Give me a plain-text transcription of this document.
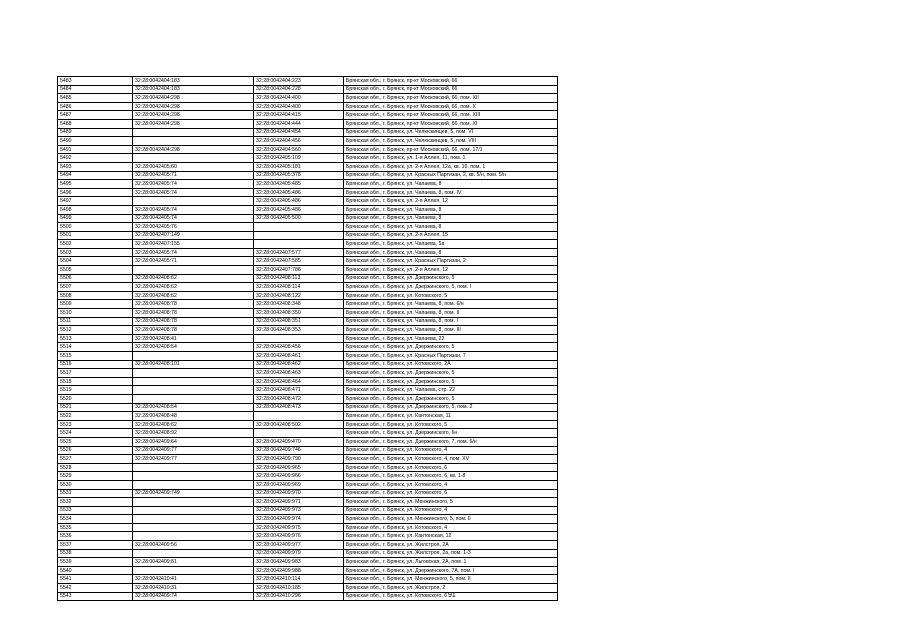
5483	32:28:0042404:183	32:28:0042404:223	Брянская обл., г. Брянск, пр-кт Московский, 66
5484	32:28:0042404:183	32:28:0042404:228	Брянская обл., г. Брянск, пр-кт Московский, 66
5485	32:28:0042404:298	32:28:0042404:400	Брянская обл., г. Брянск, пр-кт Московский, 66, пом. XII
5486	32:28:0042404:298	32:28:0042404:400	Брянская обл., г. Брянск, пр-кт Московский, 66, пом. X
5487	32:28:0042404:298	32:28:0042404:415	Брянская обл., г. Брянск, пр-кт Московский, 66, пом. XIII
5488	32:28:0042404:298	32:28:0042404:444	Брянская обл., г. Брянск, пр-кт Московский, 66, пом. XI
5489		32:28:0042404:454	Брянская обл., г. Брянск, ул. Челюскинцев, 5, пом. VI
5490		32:28:0042404:456	Брянская обл., г. Брянск, ул. Челюскинцев, 5, пом. VIII
5491	32:28:0042404:298	32:28:0042404:560	Брянская обл., г. Брянск, пр-кт Московский, 66, пом. 17/1
5492		32:28:0042405:109	Брянская обл., г. Брянск, ул. 1-я Аллея, 11, пом. 1
5493	32:28:0042405:60	32:28:0042405:181	Брянская обл., г. Брянск, ул. 2-я Аллея, 12а, кв. 16, пом. 1
5494	32:28:0042405:71	32:28:0042405:378	Брянская обл., г. Брянск, ул. Красных Партизан, 2, кв. 5/н, пом. 5/н
5495	32:28:0042405:74	32:28:0042405:485	Брянская обл., г. Брянск, ул. Чапаева, 8
5496	32:28:0042405:74	32:28:0042405:486	Брянская обл., г. Брянск, ул. Чапаева, 8, пом. IV
5497		32:28:0042405:486	Брянская обл., г. Брянск, ул. 2-я Аллея, 12
5498	32:28:0042405:74	32:28:0042405:486	Брянская обл., г. Брянск, ул. Чапаева, 8
5499	32:28:0042405:74	32:28:0042405:500	Брянская обл., г. Брянск, ул. Чапаева, 8
5500	32:28:0042405:76		Брянская обл., г. Брянск, ул. Чапаева, 8
5501	32:28:0042407:149		Брянская обл., г. Брянск, ул. 2-я Аллея, 15
5502	32:28:0042407:155		Брянская обл., г. Брянск, ул. Чапаева, 5а
5503	32:28:0042405:74	32:28:0042407:577	Брянская обл., г. Брянск, ул. Чапаева, 8
5504	32:28:0042405:71	32:28:0042407:585	Брянская обл., г. Брянск, ул. Красных Партизан, 2
5505		32:28:0042407:786	Брянская обл., г. Брянск, ул. 2-я Аллея, 12
5506	32:28:0042408:62	32:28:0042408:113	Брянская обл., г. Брянск, ул. Дзержинского, 5
5507	32:28:0042408:62	32:28:0042408:114	Брянская обл., г. Брянск, ул. Дзержинского, 5, пом. I
5508	32:28:0042408:62	32:28:0042408:122	Брянская обл., г. Брянск, ул. Котовского, 5
5509	32:28:0042408:78	32:28:0042408:348	Брянская обл., г. Брянск, ул. Чапаева, 8, пом. 6/н
5510	32:28:0042408:78	32:28:0042408:350	Брянская обл., г. Брянск, ул. Чапаева, 8, пом. II
5511	32:28:0042408:78	32:28:0042408:351	Брянская обл., г. Брянск, ул. Чапаева, 8, пом. I
5512	32:28:0042408:78	32:28:0042408:353	Брянская обл., г. Брянск, ул. Чапаева, 8, пом. III
5513	32:28:0042408:41		Брянская обл., г. Брянск, ул. Чапаева, 22
5514	32:28:0042408:54	32:28:0042408:456	Брянская обл., г. Брянск, ул. Дзержинского, 5
5515		32:28:0042408:461	Брянская обл., г. Брянск, ул. Красных Партизан, 7
5516	32:28:0042408:101	32:28:0042408:462	Брянская обл., г. Брянск, ул. Котовского, 2А
5517		32:28:0042408:463	Брянская обл., г. Брянск, ул. Дзержинского, 5
5518		32:28:0042408:464	Брянская обл., г. Брянск, ул. Дзержинского, 5
5519		32:28:0042408:471	Брянская обл., г. Брянск, ул. Чапаева, стр. 22
5520		32:28:0042408:472	Брянская обл., г. Брянск, ул. Дзержинского, 5
5521	32:28:0042408:54	32:28:0042408:473	Брянская обл., г. Брянск, ул. Дзержинского, 5, пом. 2
5522	32:28:0042408:48		Брянская обл., г. Брянск, ул. Кантонская, 11
5523	32:28:0042408:62	32:28:0042408:502	Брянская обл., г. Брянск, ул. Котовского, 5
5524	32:28:0042408:92		Брянская обл., г. Брянск, ул. Дзержинского, 6н
5525	32:28:0042409:64	32:28:0042409:470	Брянская обл., г. Брянск, ул. Дзержинского, 7, пом. 6/н
5526	32:28:0042409:77	32:28:0042409:746	Брянская обл., г. Брянск, ул. Котовского, 4
5527	32:28:0042409:77	32:28:0042409:790	Брянская обл., г. Брянск, ул. Котовского, 4, пом. XV
5528		32:28:0042409:965	Брянская обл., г. Брянск, ул. Котовского, 6
5529		32:28:0042409:966	Брянская обл., г. Брянск, ул. Котовского, 6, кв. 1-8
5530		32:28:0042409:969	Брянская обл., г. Брянск, ул. Котовского, 4
5531	32:28:0042409:749	32:28:0042409:970	Брянская обл., г. Брянск, ул. Котовского, 6
5532		32:28:0042409:971	Брянская обл., г. Брянск, ул. Менжинского, 5
5533		32:28:0042409:973	Брянская обл., г. Брянск, ул. Котовского, 4
5534		32:28:0042409:974	Брянская обл., г. Брянск, ул. Менжинского, 5, пом. II
5535		32:28:0042409:975	Брянская обл., г. Брянск, ул. Котовского, 4
5536		32:28:0042409:976	Брянская обл., г. Брянск, ул. Кантонская, 12
5537	32:28:0042409:56	32:28:0042409:977	Брянская обл., г. Брянск, ул. Жилстроя, 2А
5538		32:28:0042409:979	Брянская обл., г. Брянск, ул. Жилстроя, 2а, пом. 1-3
5539	32:28:0042409:81	32:28:0042409:983	Брянская обл., г. Брянск, ул. Льговская, 2А, пом. 1
5540		32:28:0042409:988	Брянская обл., г. Брянск, ул. Дзержинского, 7А, пом. I
5541	32:28:0042410:41	32:28:0042410:114	Брянская обл., г. Брянск, ул. Менжинского, 5, пом. II
5542	32:28:0042410:31	32:28:0042410:185	Брянская обл., г. Брянск, ул. Жилстроя, 2
5543	32:28:0042409:74	32:28:0042410:296	Брянская обл., г. Брянск, ул. Котовского, 6 91
